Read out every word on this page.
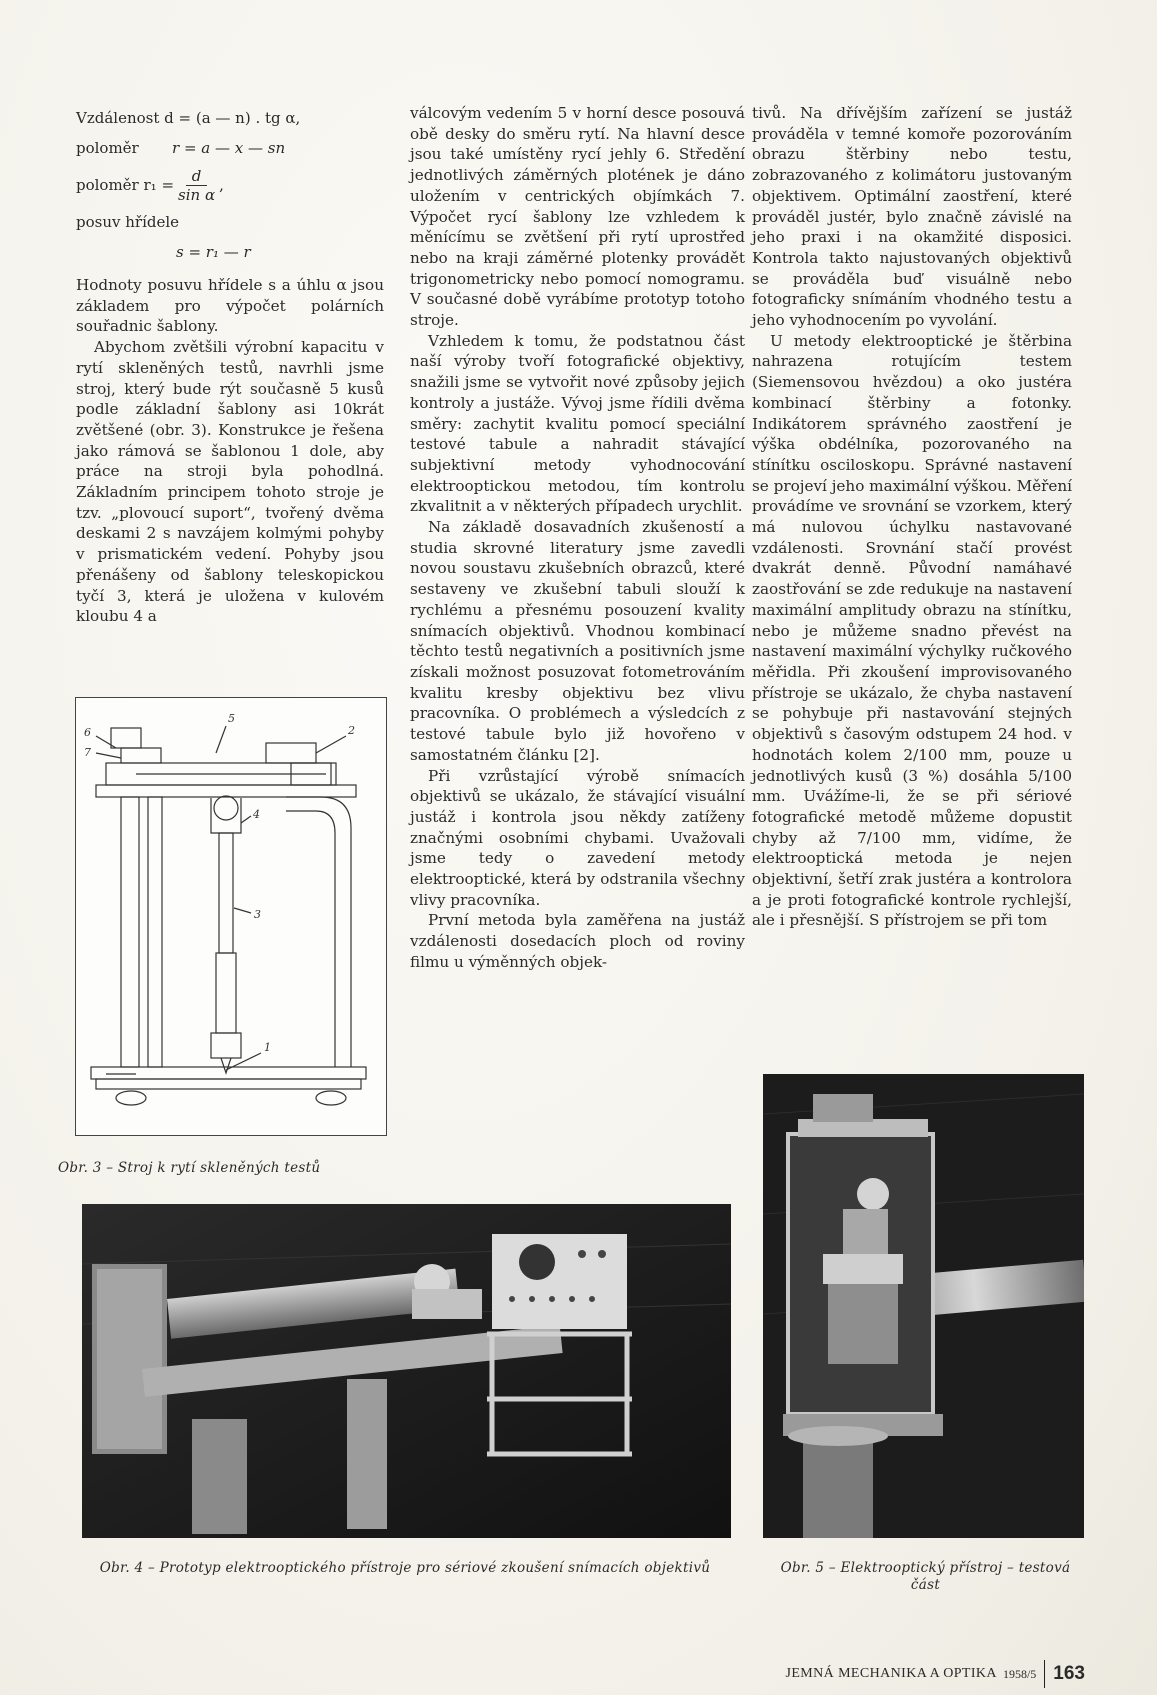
Vzdálenost d = (a — n) . tg α,
poloměr	r = a — x — sn
poloměr $r_1 = \frac{d}{\text{sin α}}$ ,
posuv hřídele
s = r₁ — r

Hodnoty posuvu hřídele s a úhlu α jsou základem pro výpočet polárních souřadnic šablony.

Abychom zvětšili výrobní kapacitu v rytí skleněných testů, navrhli jsme stroj, který bude rýt současně 5 kusů podle základní šablony asi 10krát zvětšené (obr. 3). Konstrukce je řešena jako rámová se šablonou 1 dole, aby práce na stroji byla pohodlná. Základním principem tohoto stroje je tzv. „plovoucí suport“, tvořený dvěma deskami 2 s navzájem kolmými pohyby v prismatickém vedení. Pohyby jsou přenášeny od šablony teleskopickou tyčí 3, která je uložena v kulovém kloubu 4 a

válcovým vedením 5 v horní desce posouvá obě desky do směru rytí. Na hlavní desce jsou také umístěny rycí jehly 6. Středění jednotlivých záměrných plotének je dáno uložením v centrických objímkách 7. Výpočet rycí šablony lze vzhledem k měnícímu se zvětšení při rytí uprostřed nebo na kraji záměrné plotenky provádět trigonometricky nebo pomocí nomogramu. V současné době vyrábíme prototyp totoho stroje.

Vzhledem k tomu, že podstatnou část naší výroby tvoří fotografické objektivy, snažili jsme se vytvořit nové způsoby jejich kontroly a justáže. Vývoj jsme řídili dvěma směry: zachytit kvalitu pomocí speciální testové tabule a nahradit stávající subjektivní metody vyhodnocování elektrooptickou metodou, tím kontrolu zkvalitnit a v některých případech urychlit.

Na základě dosavadních zkušeností a studia skrovné literatury jsme zavedli novou soustavu zkušebních obrazců, které sestaveny ve zkušební tabuli slouží k rychlému a přesnému posouzení kvality snímacích objektivů. Vhodnou kombinací těchto testů negativních a positivních jsme získali možnost posuzovat fotometrováním kvalitu kresby objektivu bez vlivu pracovníka. O problémech a výsledcích z testové tabule bylo již hovořeno v samostatném článku [2].

Při vzrůstající výrobě snímacích objektivů se ukázalo, že stávající visuální justáž i kontrola jsou někdy zatíženy značnými osobními chybami. Uvažovali jsme tedy o zavedení metody elektrooptické, která by odstranila všechny vlivy pracovníka.

První metoda byla zaměřena na justáž vzdálenosti dosedacích ploch od roviny filmu u výměnných objek-

tivů. Na dřívějším zařízení se justáž prováděla v temné komoře pozorováním obrazu štěrbiny nebo testu, zobrazovaného z kolimátoru justovaným objektivem. Optimální zaostření, které prováděl justér, bylo značně závislé na jeho praxi i na okamžité disposici. Kontrola takto najustovaných objektivů se prováděla buď visuálně nebo fotograficky snímáním vhodného testu a jeho vyhodnocením po vyvolání.

U metody elektrooptické je štěrbina nahrazena rotujícím testem (Siemensovou hvězdou) a oko justéra kombinací štěrbiny a fotonky. Indikátorem správného zaostření je výška obdélníka, pozorovaného na stínítku osciloskopu. Správné nastavení se projeví jeho maximální výškou. Měření provádíme ve srovnání se vzorkem, který má nulovou úchylku nastavované vzdálenosti. Srovnání stačí provést dvakrát denně. Původní namáhavé zaostřování se zde redukuje na nastavení maximální amplitudy obrazu na stínítku, nebo je můžeme snadno převést na nastavení maximální výchylky ručkového měřidla. Při zkoušení improvisovaného přístroje se ukázalo, že chyba nastavení se pohybuje při nastavování stejných objektivů s časovým odstupem 24 hod. v hodnotách kolem 2/100 mm, pouze u jednotlivých kusů (3 %) dosáhla 5/100 mm. Uvážíme-li, že se při sériové fotografické metodě můžeme dopustit chyby až 7/100 mm, vidíme, že elektrooptická metoda je nejen objektivní, šetří zrak justéra a kontrolora a je proti fotografické kontrole rychlejší, ale i přesnější. S přístrojem se při tom

5
6
7
2
4
3
1
Obr. 3 – Stroj k rytí skleněných testů
Obr. 4 – Prototyp elektrooptického přístroje pro sériové zkoušení snímacích objektivů	Obr. 5 – Elektrooptický přístroj – testová část
JEMNÁ MECHANIKA A OPTIKA 1958/5 163
